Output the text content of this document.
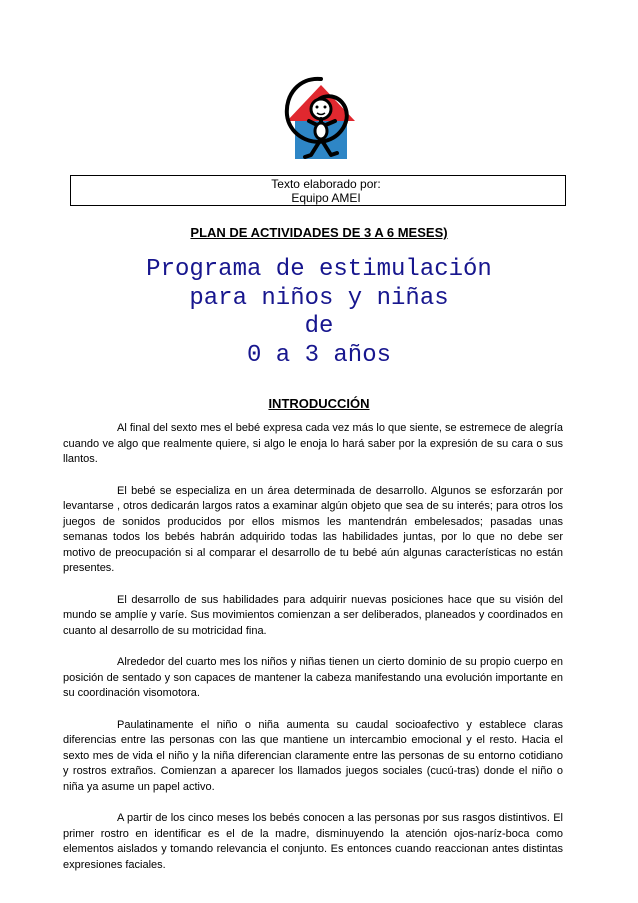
Texto elaborado por:
Equipo AMEI
PLAN DE ACTIVIDADES DE 3 A 6 MESES)
Programa de estimulación
para niños y niñas
de
0 a 3 años
INTRODUCCIÓN

Al final del sexto mes el bebé expresa cada vez más lo que siente, se estremece de alegría cuando ve algo que realmente quiere, si algo le enoja lo hará saber por la expresión de su cara o sus llantos.

El bebé se especializa en un área determinada de desarrollo. Algunos se esforzarán por levantarse , otros dedicarán largos ratos a examinar algún objeto que sea de su interés; para otros los juegos de sonidos producidos por ellos mismos les mantendrán embelesados; pasadas unas semanas todos los bebés habrán adquirido todas las habilidades juntas, por lo que no debe ser motivo de preocupación si al comparar el desarrollo de tu bebé aún algunas características no están presentes.

El desarrollo de sus habilidades para adquirir nuevas posiciones hace que su visión del mundo se amplíe y varíe. Sus movimientos comienzan a ser deliberados, planeados y coordinados en cuanto al desarrollo de su motricidad fina.

Alrededor del cuarto mes los niños y niñas tienen un cierto dominio de su propio cuerpo en posición de sentado y son capaces de mantener la cabeza manifestando una evolución importante en su coordinación visomotora.

Paulatinamente el niño o niña aumenta su caudal socioafectivo y establece claras diferencias entre las personas con las que mantiene un intercambio emocional y el resto. Hacia el sexto mes de vida el niño y la niña diferencian claramente entre las personas de su entorno cotidiano y rostros extraños. Comienzan a aparecer los llamados juegos sociales (cucú-tras) donde el niño o niña ya asume un papel activo.

A partir de los cinco meses los bebés conocen a las personas por sus rasgos distintivos. El primer rostro en identificar es el de la madre, disminuyendo la atención ojos-naríz-boca como elementos aislados y tomando relevancia el conjunto. Es entonces cuando reaccionan antes distintas expresiones faciales.
